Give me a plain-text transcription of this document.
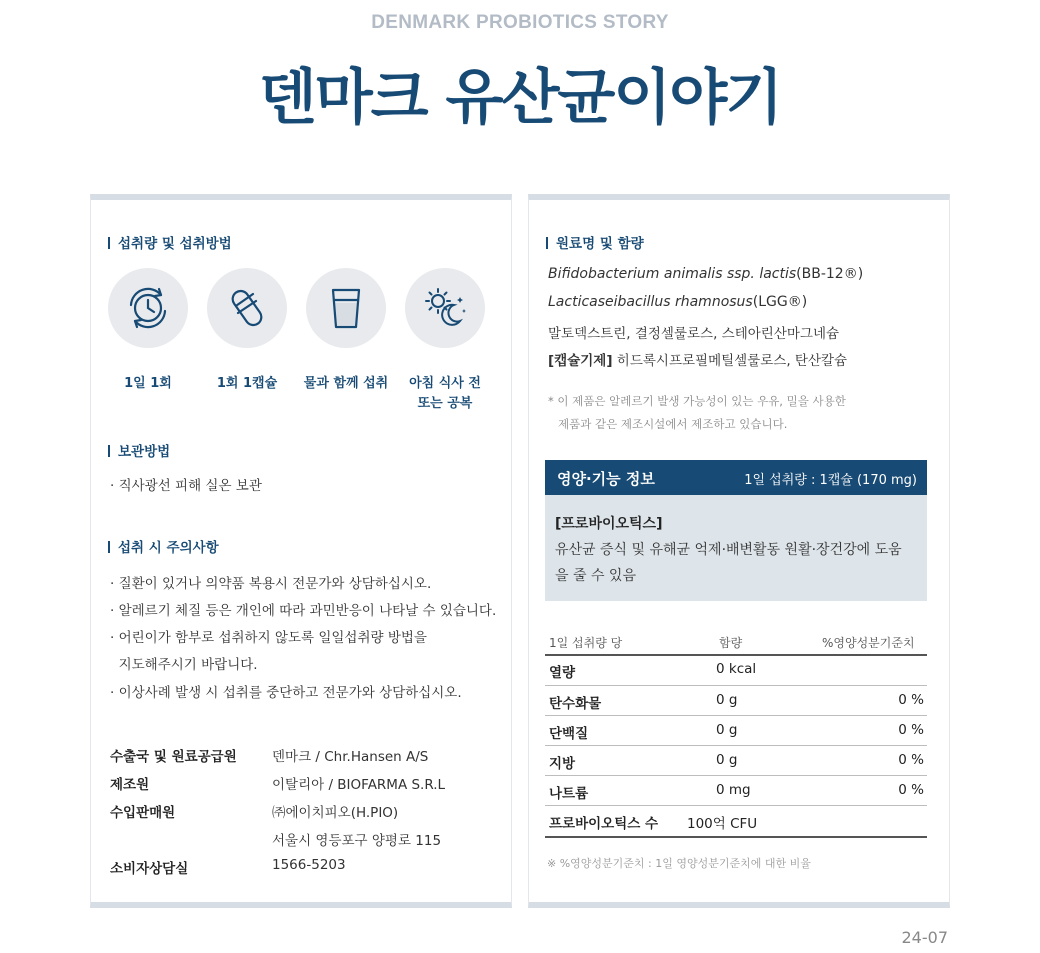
DENMARK PROBIOTICS STORY
덴마크 유산균이야기
섭취량 및 섭취방법
1일 1회	1회 1캡슐	물과 함께 섭취	아침 식사 전
또는 공복
보관방법
· 직사광선 피해 실온 보관
섭취 시 주의사항
· 질환이 있거나 의약품 복용시 전문가와 상담하십시오.
· 알레르기 체질 등은 개인에 따라 과민반응이 나타날 수 있습니다.
· 어린이가 함부로 섭취하지 않도록 일일섭취량 방법을
지도해주시기 바랍니다.
· 이상사례 발생 시 섭취를 중단하고 전문가와 상담하십시오.
수출국 및 원료공급원	덴마크 / Chr.Hansen A/S
제조원	이탈리아 / BIOFARMA S.R.L
수입판매원	㈜에이치피오(H.PIO)
서울시 영등포구 양평로 115
소비자상담실	1566-5203
원료명 및 함량
Bifidobacterium animalis ssp. lactis(BB-12®)
Lacticaseibacillus rhamnosus(LGG®)
말토덱스트린, 결정셀룰로스, 스테아린산마그네슘
[캡슐기제] 히드록시프로필메틸셀룰로스, 탄산칼슘
* 이 제품은 알레르기 발생 가능성이 있는 우유, 밀을 사용한
제품과 같은 제조시설에서 제조하고 있습니다.
영양·기능 정보	1일 섭취량 : 1캡슐 (170 mg)
[프로바이오틱스]
유산균 증식 및 유해균 억제·배변활동 원활·장건강에 도움을 줄 수 있음
1일 섭취량 당	함량	%영양성분기준치
열량	0 kcal
탄수화물	0 g	0 %
단백질	0 g	0 %
지방	0 g	0 %
나트륨	0 mg	0 %
프로바이오틱스 수 100억 CFU
※ %영양성분기준치 : 1일 영양성분기준치에 대한 비율
24-07
